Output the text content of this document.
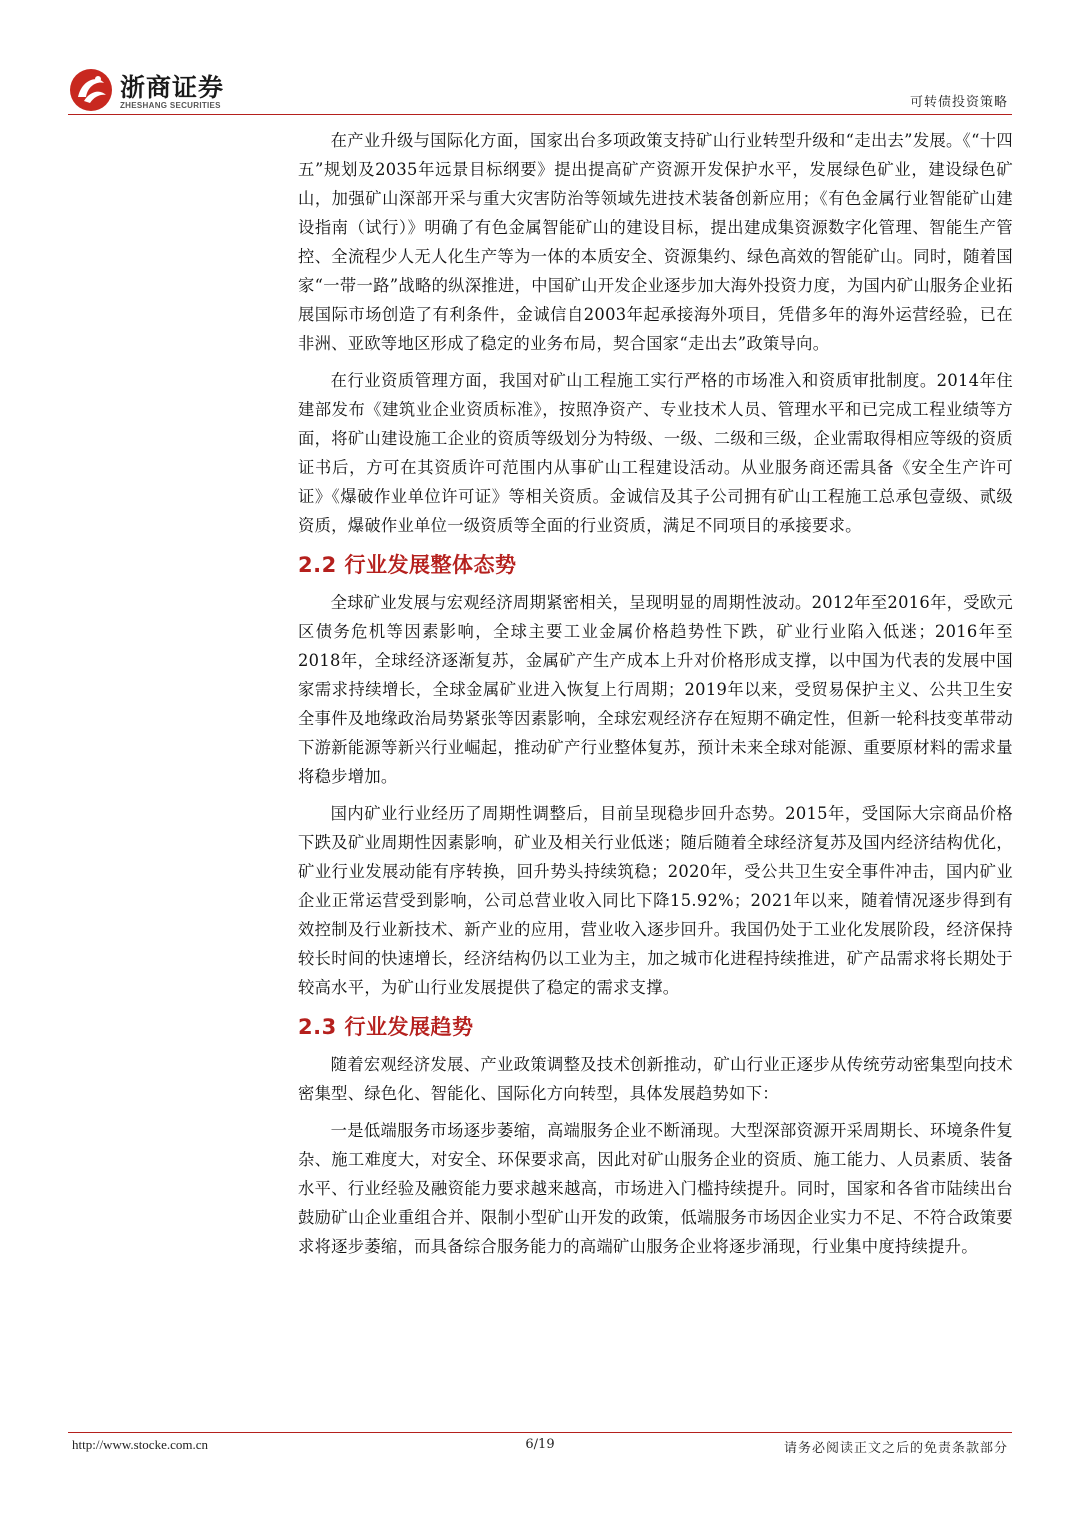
浙商证券
ZHESHANG SECURITIES	可转债投资策略

在产业升级与国际化方面，国家出台多项政策支持矿山行业转型升级和“走出去”发展。《“十四五”规划及2035年远景目标纲要》提出提高矿产资源开发保护水平，发展绿色矿业，建设绿色矿山，加强矿山深部开采与重大灾害防治等领域先进技术装备创新应用；《有色金属行业智能矿山建设指南（试行）》明确了有色金属智能矿山的建设目标，提出建成集资源数字化管理、智能生产管控、全流程少人无人化生产等为一体的本质安全、资源集约、绿色高效的智能矿山。同时，随着国家“一带一路”战略的纵深推进，中国矿山开发企业逐步加大海外投资力度，为国内矿山服务企业拓展国际市场创造了有利条件，金诚信自2003年起承接海外项目，凭借多年的海外运营经验，已在非洲、亚欧等地区形成了稳定的业务布局，契合国家“走出去”政策导向。

在行业资质管理方面，我国对矿山工程施工实行严格的市场准入和资质审批制度。2014年住建部发布《建筑业企业资质标准》，按照净资产、专业技术人员、管理水平和已完成工程业绩等方面，将矿山建设施工企业的资质等级划分为特级、一级、二级和三级，企业需取得相应等级的资质证书后，方可在其资质许可范围内从事矿山工程建设活动。从业服务商还需具备《安全生产许可证》《爆破作业单位许可证》等相关资质。金诚信及其子公司拥有矿山工程施工总承包壹级、贰级资质，爆破作业单位一级资质等全面的行业资质，满足不同项目的承接要求。

2.2 行业发展整体态势

全球矿业发展与宏观经济周期紧密相关，呈现明显的周期性波动。2012年至2016年，受欧元区债务危机等因素影响，全球主要工业金属价格趋势性下跌，矿业行业陷入低迷；2016年至2018年，全球经济逐渐复苏，金属矿产生产成本上升对价格形成支撑，以中国为代表的发展中国家需求持续增长，全球金属矿业进入恢复上行周期；2019年以来，受贸易保护主义、公共卫生安全事件及地缘政治局势紧张等因素影响，全球宏观经济存在短期不确定性，但新一轮科技变革带动下游新能源等新兴行业崛起，推动矿产行业整体复苏，预计未来全球对能源、重要原材料的需求量将稳步增加。

国内矿业行业经历了周期性调整后，目前呈现稳步回升态势。2015年，受国际大宗商品价格下跌及矿业周期性因素影响，矿业及相关行业低迷；随后随着全球经济复苏及国内经济结构优化，矿业行业发展动能有序转换，回升势头持续筑稳；2020年，受公共卫生安全事件冲击，国内矿业企业正常运营受到影响，公司总营业收入同比下降15.92%；2021年以来，随着情况逐步得到有效控制及行业新技术、新产业的应用，营业收入逐步回升。我国仍处于工业化发展阶段，经济保持较长时间的快速增长，经济结构仍以工业为主，加之城市化进程持续推进，矿产品需求将长期处于较高水平，为矿山行业发展提供了稳定的需求支撑。

2.3 行业发展趋势

随着宏观经济发展、产业政策调整及技术创新推动，矿山行业正逐步从传统劳动密集型向技术密集型、绿色化、智能化、国际化方向转型，具体发展趋势如下：

一是低端服务市场逐步萎缩，高端服务企业不断涌现。大型深部资源开采周期长、环境条件复杂、施工难度大，对安全、环保要求高，因此对矿山服务企业的资质、施工能力、人员素质、装备水平、行业经验及融资能力要求越来越高，市场进入门槛持续提升。同时，国家和各省市陆续出台鼓励矿山企业重组合并、限制小型矿山开发的政策，低端服务市场因企业实力不足、不符合政策要求将逐步萎缩，而具备综合服务能力的高端矿山服务企业将逐步涌现，行业集中度持续提升。

http://www.stocke.com.cn	6/19	请务必阅读正文之后的免责条款部分
